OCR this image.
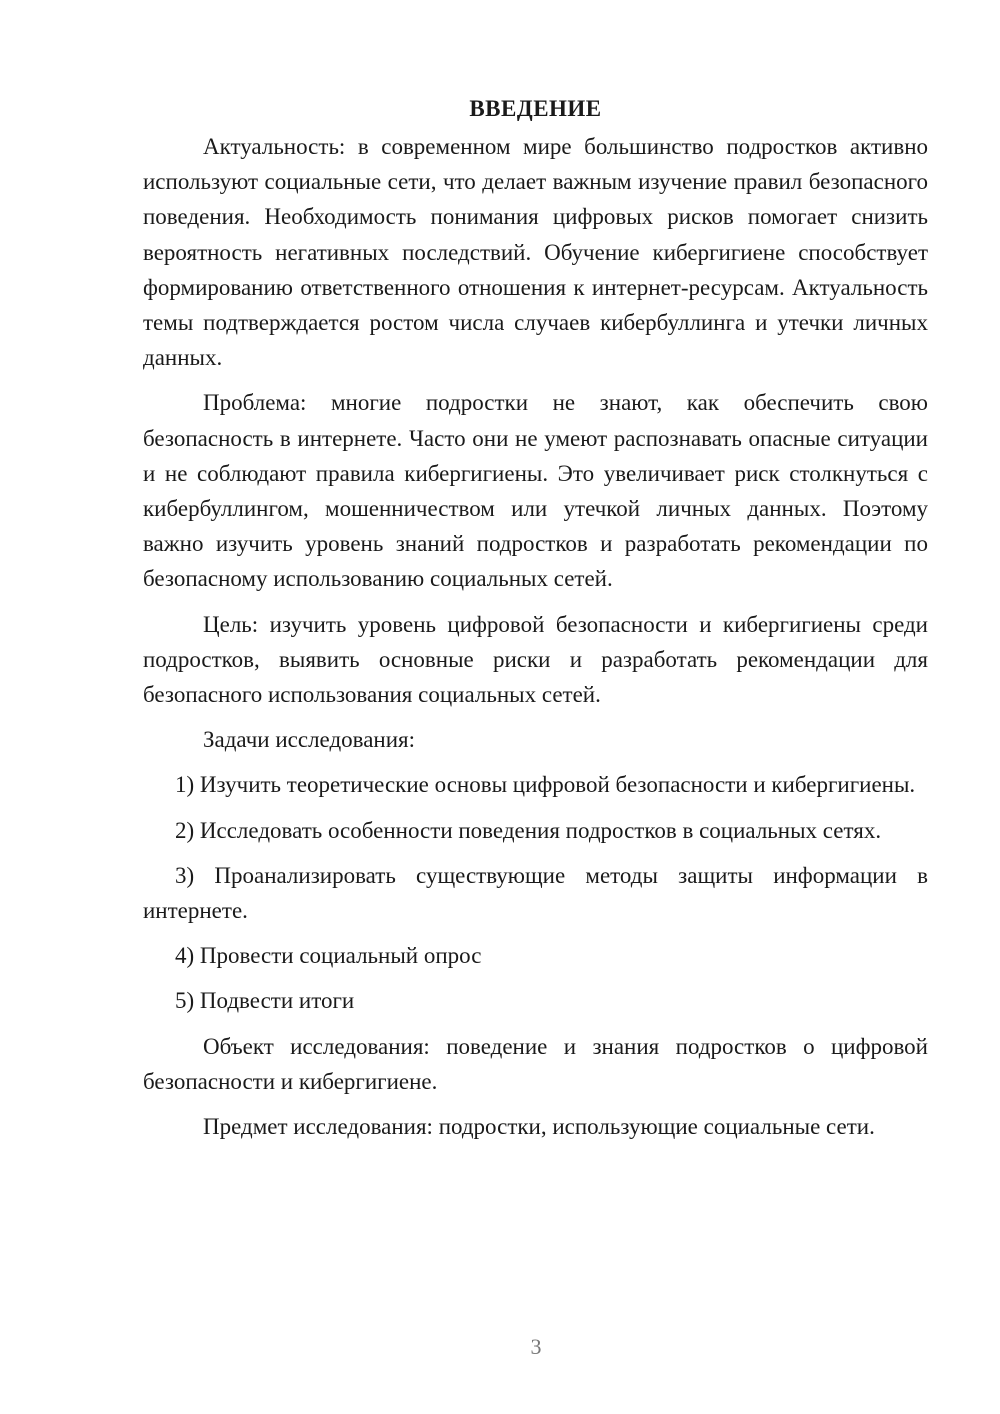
ВВЕДЕНИЕ

Актуальность: в современном мире большинство подростков активно используют социальные сети, что делает важным изучение правил безопасного поведения. Необходимость понимания цифровых рисков помогает снизить вероятность негативных последствий. Обучение кибергигиене способствует формированию ответственного отношения к интернет-ресурсам. Актуальность темы подтверждается ростом числа случаев кибербуллинга и утечки личных данных.

Проблема: многие подростки не знают, как обеспечить свою безопасность в интернете. Часто они не умеют распознавать опасные ситуации и не соблюдают правила кибергигиены. Это увеличивает риск столкнуться с кибербуллингом, мошенничеством или утечкой личных данных. Поэтому важно изучить уровень знаний подростков и разработать рекомендации по безопасному использованию социальных сетей.

Цель: изучить уровень цифровой безопасности и кибергигиены среди подростков, выявить основные риски и разработать рекомендации для безопасного использования социальных сетей.

Задачи исследования:

1) Изучить теоретические основы цифровой безопасности и кибергигиены.

2) Исследовать особенности поведения подростков в социальных сетях.

3) Проанализировать существующие методы защиты информации в интернете.

4) Провести социальный опрос

5) Подвести итоги

Объект исследования: поведение и знания подростков о цифровой безопасности и кибергигиене.

Предмет исследования: подростки, использующие социальные сети.

3
